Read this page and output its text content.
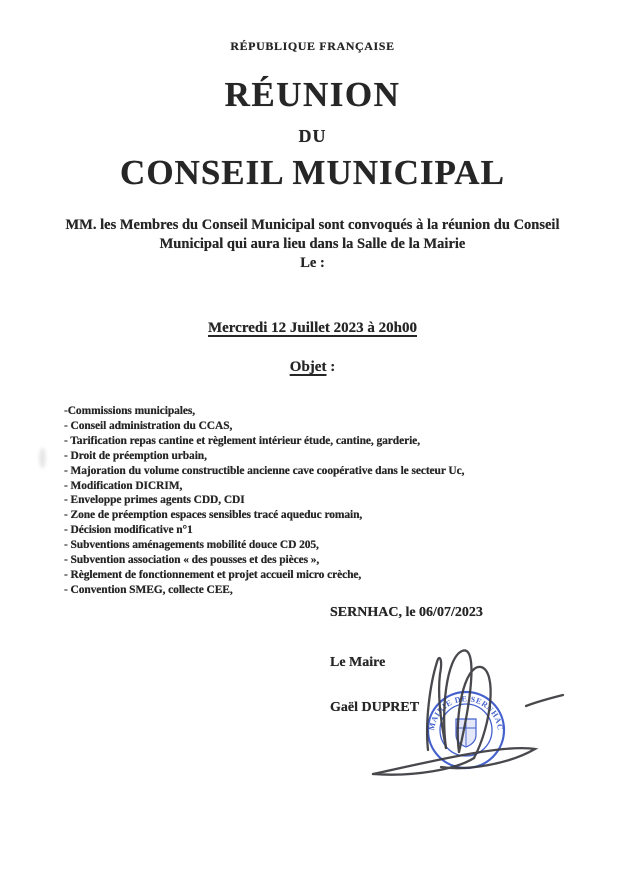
RÉPUBLIQUE FRANÇAISE
RÉUNION
DU
CONSEIL MUNICIPAL
MM. les Membres du Conseil Municipal sont convoqués à la réunion du Conseil
Municipal qui aura lieu dans la Salle de la Mairie
Le :
Mercredi 12 Juillet 2023 à 20h00
Objet :
-Commissions municipales,
- Conseil administration du CCAS,
- Tarification repas cantine et règlement intérieur étude, cantine, garderie,
- Droit de préemption urbain,
- Majoration du volume constructible ancienne cave coopérative dans le secteur Uc,
- Modification DICRIM,
- Enveloppe primes agents CDD, CDI
- Zone de préemption espaces sensibles tracé aqueduc romain,
- Décision modificative n°1
- Subventions aménagements mobilité douce CD 205,
- Subvention association « des pousses et des pièces »,
- Règlement de fonctionnement et projet accueil micro crèche,
- Convention SMEG, collecte CEE,
SERNHAC, le 06/07/2023
Le Maire
Gaël DUPRET
MAIRIE DE SERNHAC
